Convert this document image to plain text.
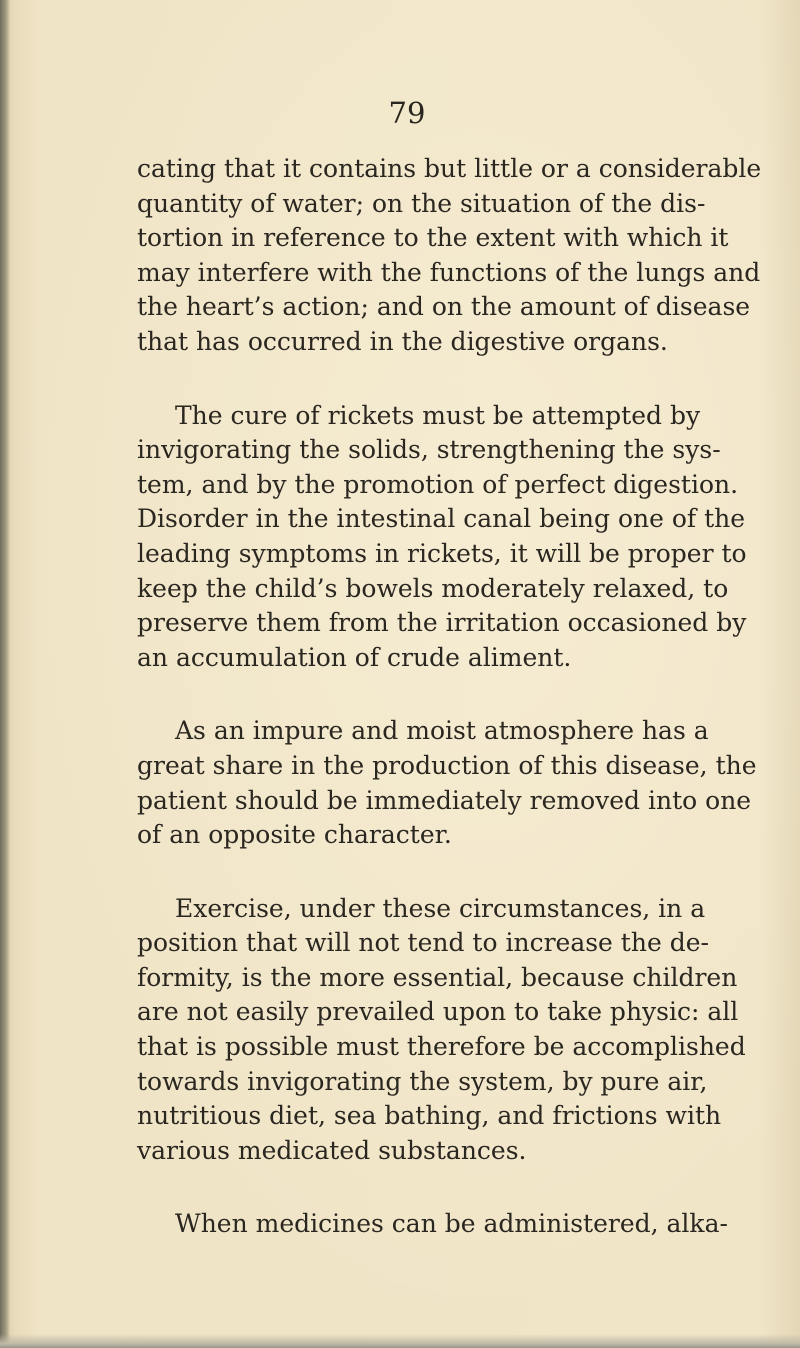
79
cating that it contains but little or a considerable
quantity of water; on the situation of the dis-
tortion in reference to the extent with which it
may interfere with the functions of the lungs and
the heart’s action; and on the amount of disease
that has occurred in the digestive organs.
The cure of rickets must be attempted by
invigorating the solids, strengthening the sys-
tem, and by the promotion of perfect digestion.
Disorder in the intestinal canal being one of the
leading symptoms in rickets, it will be proper to
keep the child’s bowels moderately relaxed, to
preserve them from the irritation occasioned by
an accumulation of crude aliment.
As an impure and moist atmosphere has a
great share in the production of this disease, the
patient should be immediately removed into one
of an opposite character.
Exercise, under these circumstances, in a
position that will not tend to increase the de-
formity, is the more essential, because children
are not easily prevailed upon to take physic: all
that is possible must therefore be accomplished
towards invigorating the system, by pure air,
nutritious diet, sea bathing, and frictions with
various medicated substances.
When medicines can be administered, alka-
